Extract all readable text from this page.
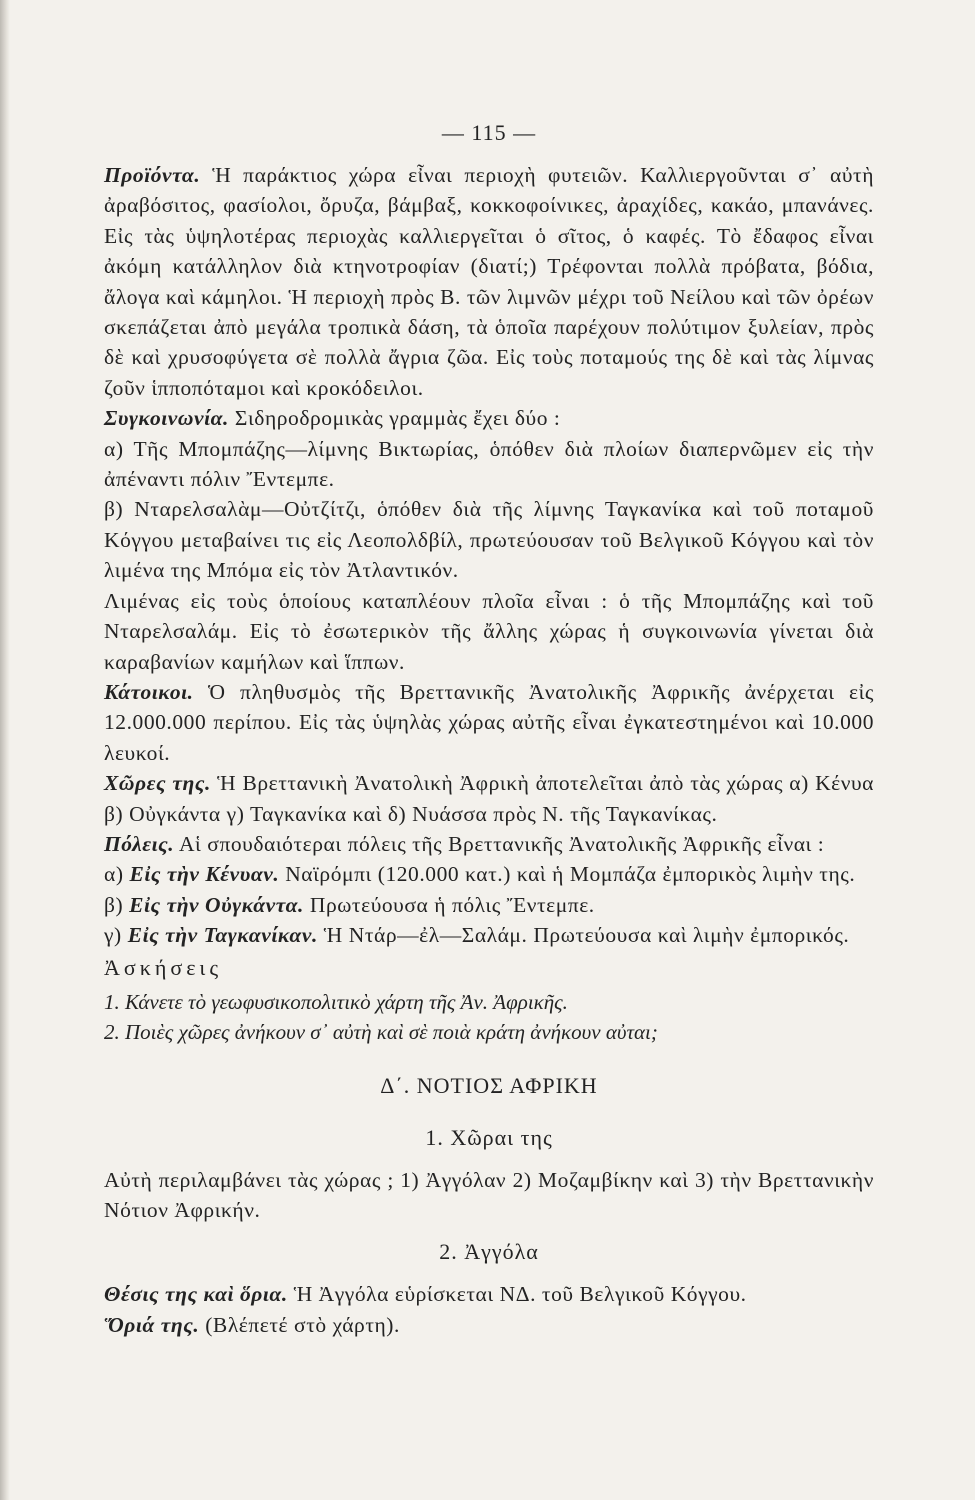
— 115 —

Προϊόντα. Ἡ παράκτιος χώρα εἶναι περιοχὴ φυτειῶν. Καλλιεργοῦνται σ᾽ αὐτὴ ἀραβόσιτος, φασίολοι, ὄρυζα, βάμβαξ, κοκκοφοίνικες, ἀραχίδες, κακάο, μπανάνες. Εἰς τὰς ὑψηλοτέρας περιοχὰς καλλιεργεῖται ὁ σῖτος, ὁ καφές. Τὸ ἔδαφος εἶναι ἀκόμη κατάλληλον διὰ κτηνοτροφίαν (διατί;) Τρέφονται πολλὰ πρόβατα, βόδια, ἄλογα καὶ κάμηλοι. Ἡ περιοχὴ πρὸς Β. τῶν λιμνῶν μέχρι τοῦ Νείλου καὶ τῶν ὀρέων σκεπάζεται ἀπὸ μεγάλα τροπικὰ δάση, τὰ ὁποῖα παρέχουν πολύτιμον ξυλείαν, πρὸς δὲ καὶ χρυσοφύγετα σὲ πολλὰ ἄγρια ζῶα. Εἰς τοὺς ποταμούς της δὲ καὶ τὰς λίμνας ζοῦν ἱπποπόταμοι καὶ κροκόδειλοι.

Συγκοινωνία. Σιδηροδρομικὰς γραμμὰς ἔχει δύο :

α) Τῆς Μπομπάζης—λίμνης Βικτωρίας, ὁπόθεν διὰ πλοίων διαπερνῶμεν εἰς τὴν ἀπέναντι πόλιν Ἔντεμπε.

β) Νταρελσαλὰμ—Οὐτζίτζι, ὁπόθεν διὰ τῆς λίμνης Ταγκανίκα καὶ τοῦ ποταμοῦ Κόγγου μεταβαίνει τις εἰς Λεοπολδβίλ, πρωτεύουσαν τοῦ Βελγικοῦ Κόγγου καὶ τὸν λιμένα της Μπόμα εἰς τὸν Ἀτλαντικόν.

Λιμένας εἰς τοὺς ὁποίους καταπλέουν πλοῖα εἶναι : ὁ τῆς Μπομπάζης καὶ τοῦ Νταρελσαλάμ. Εἰς τὸ ἐσωτερικὸν τῆς ἄλλης χώρας ἡ συγκοινωνία γίνεται διὰ καραβανίων καμήλων καὶ ἵππων.

Κάτοικοι. Ὁ πληθυσμὸς τῆς Βρεττανικῆς Ἀνατολικῆς Ἀφρικῆς ἀνέρχεται εἰς 12.000.000 περίπου. Εἰς τὰς ὑψηλὰς χώρας αὐτῆς εἶναι ἐγκατεστημένοι καὶ 10.000 λευκοί.

Χῶρες της. Ἡ Βρεττανικὴ Ἀνατολικὴ Ἀφρικὴ ἀποτελεῖται ἀπὸ τὰς χώρας α) Κένυα β) Οὐγκάντα γ) Ταγκανίκα καὶ δ) Νυάσσα πρὸς Ν. τῆς Ταγκανίκας.

Πόλεις. Αἱ σπουδαιότεραι πόλεις τῆς Βρεττανικῆς Ἀνατολικῆς Ἀφρικῆς εἶναι :

α) Εἰς τὴν Κένυαν. Ναϊρόμπι (120.000 κατ.) καὶ ἡ Μομπάζα ἐμπορικὸς λιμὴν της.

β) Εἰς τὴν Οὐγκάντα. Πρωτεύουσα ἡ πόλις Ἔντεμπε.

γ) Εἰς τὴν Ταγκανίκαν. Ἡ Ντάρ—ἐλ—Σαλάμ. Πρωτεύουσα καὶ λιμὴν ἐμπορικός.

Ἀσκήσεις
1. Κάνετε τὸ γεωφυσικοπολιτικὸ χάρτη τῆς Ἀν. Ἀφρικῆς.
2. Ποιὲς χῶρες ἀνήκουν σ᾽ αὐτὴ καὶ σὲ ποιὰ κράτη ἀνήκουν αὐται;
Δ΄. ΝΟΤΙΟΣ ΑΦΡΙΚΗ
1. Χῶραι της

Αὐτὴ περιλαμβάνει τὰς χώρας ; 1) Ἀγγόλαν 2) Μοζαμβίκην καὶ 3) τὴν Βρεττανικὴν Νότιον Ἀφρικήν.

2. Ἀγγόλα

Θέσις της καὶ ὅρια. Ἡ Ἀγγόλα εὑρίσκεται ΝΔ. τοῦ Βελγικοῦ Κόγγου.

Ὅριά της. (Βλέπετέ στὸ χάρτη).
